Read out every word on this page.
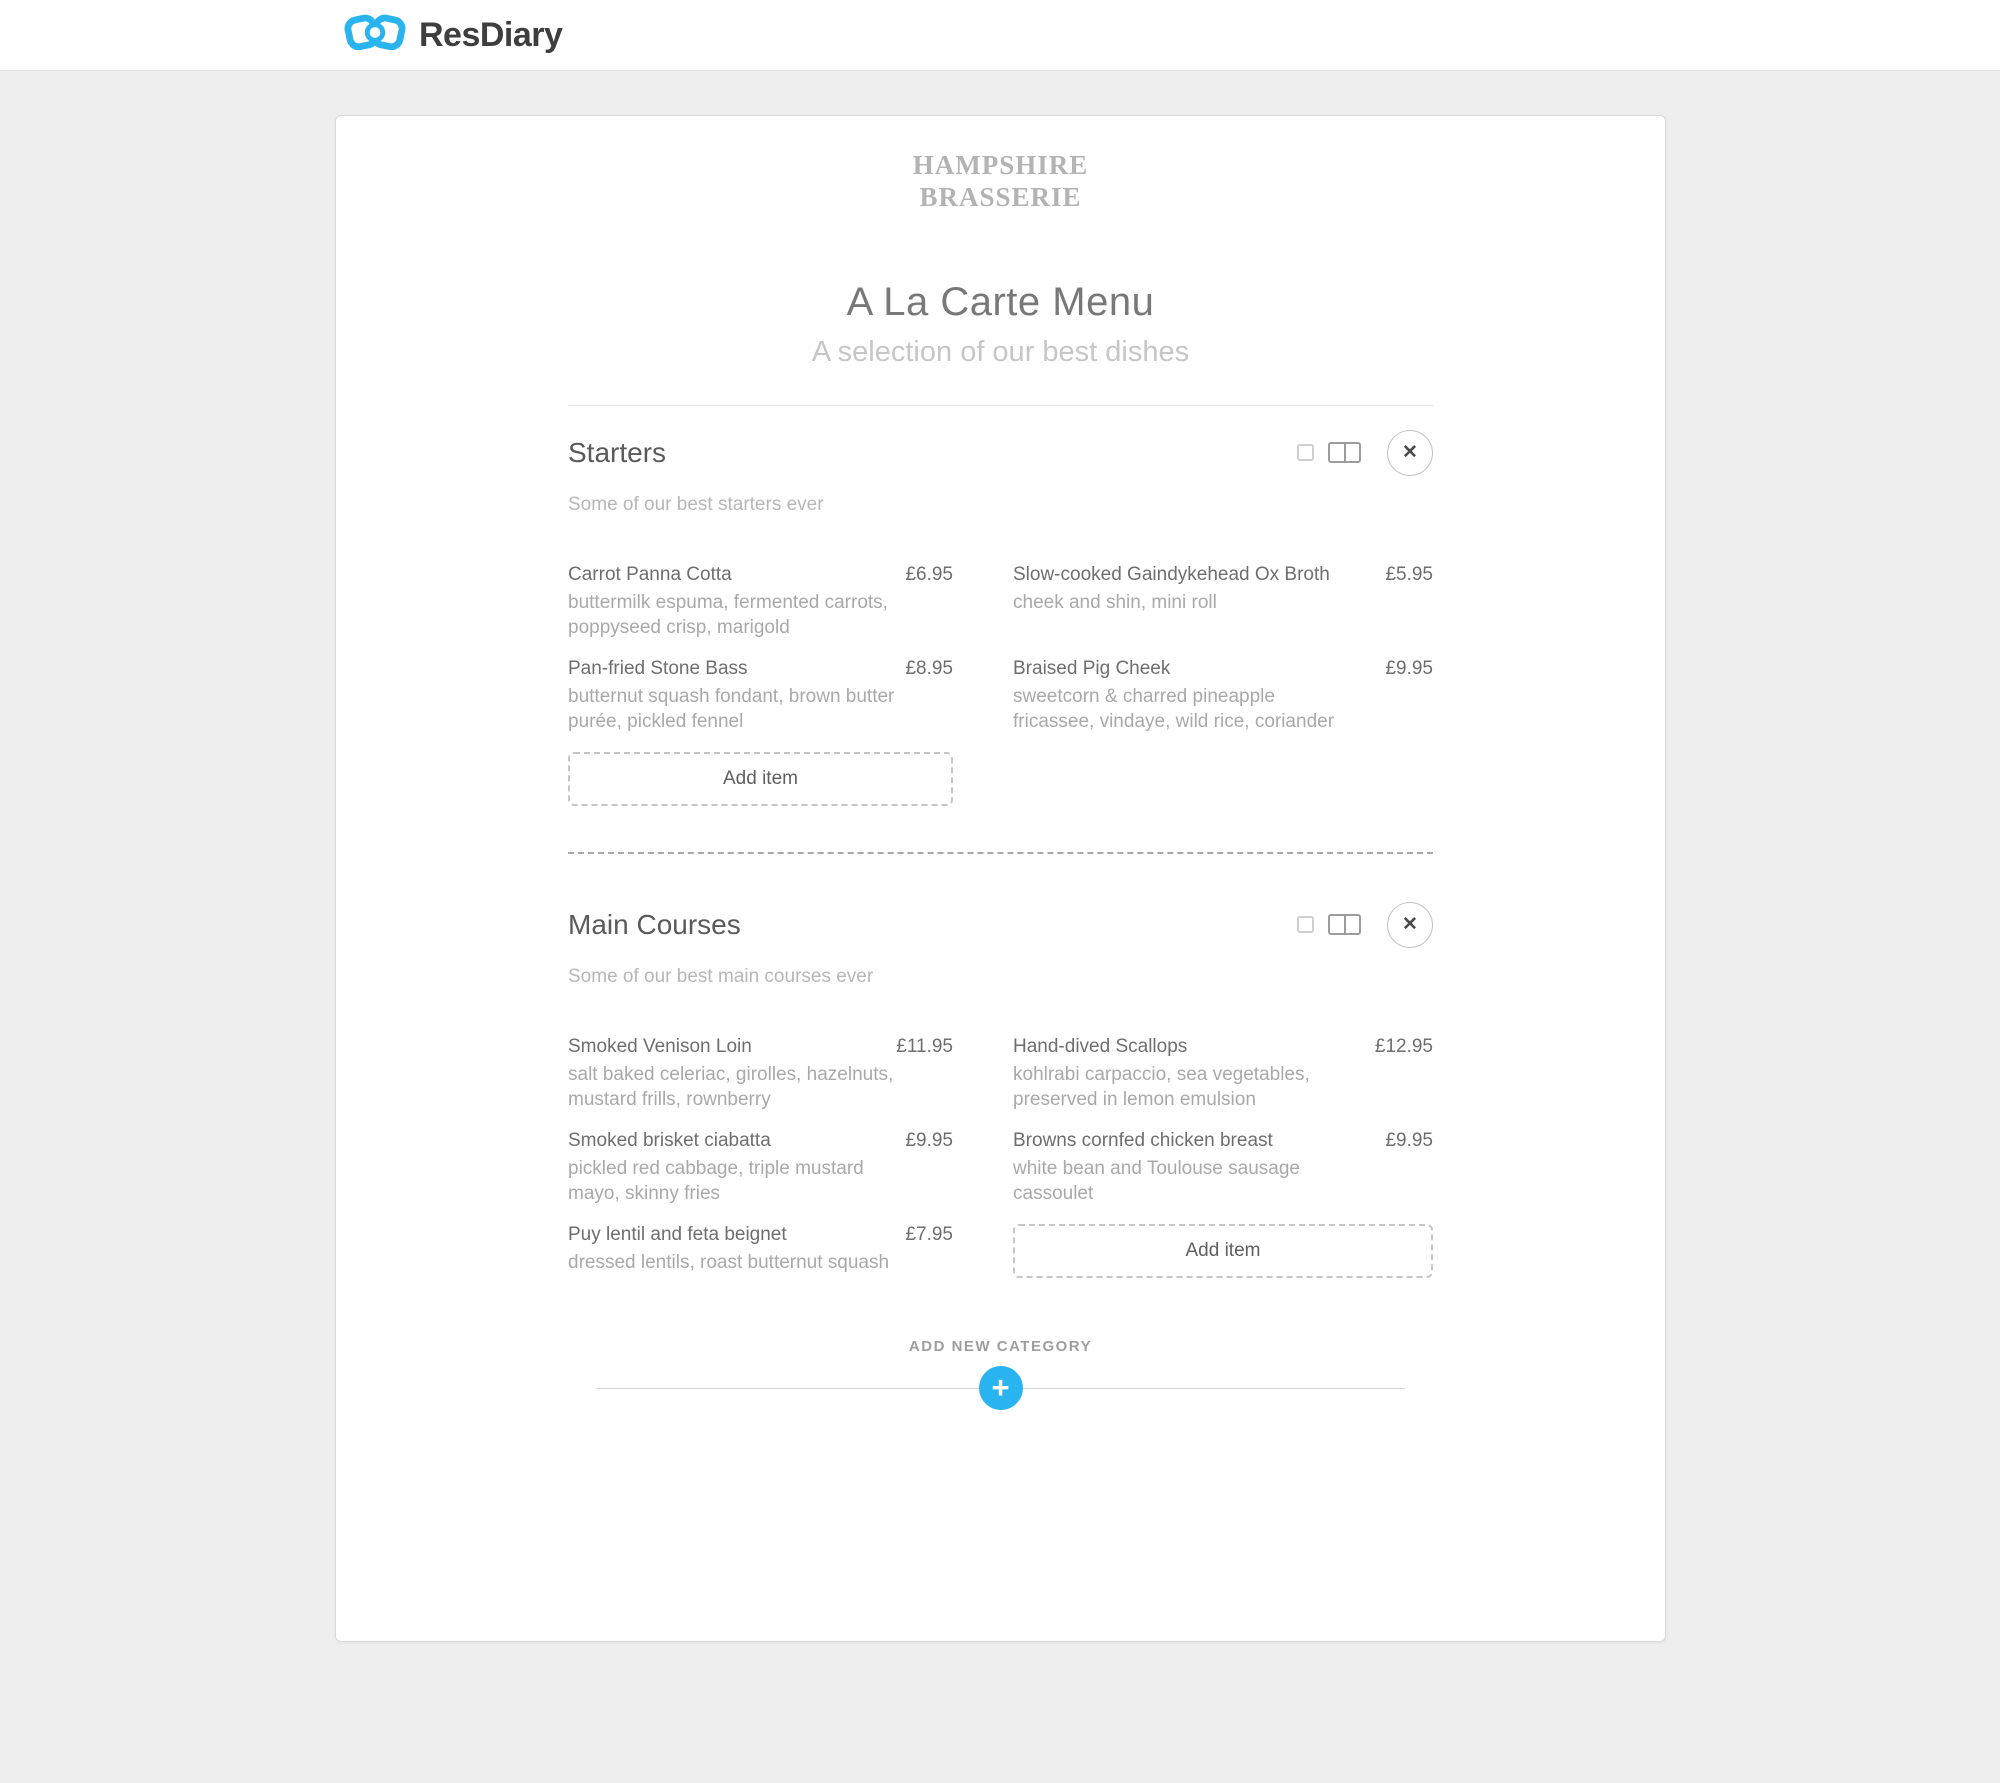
ResDiary
HAMPSHIRE
BRASSERIE
A La Carte Menu
A selection of our best dishes
Starters	✕
Some of our best starters ever
Carrot Panna Cotta	£6.95
buttermilk espuma, fermented carrots, poppyseed crisp, marigold
Slow-cooked Gaindykehead Ox Broth	£5.95
cheek and shin, mini roll
Pan-fried Stone Bass	£8.95
butternut squash fondant, brown butter purée, pickled fennel
Braised Pig Cheek	£9.95
sweetcorn & charred pineapple fricassee, vindaye, wild rice, coriander
Add item
Main Courses	✕
Some of our best main courses ever
Smoked Venison Loin	£11.95
salt baked celeriac, girolles, hazelnuts, mustard frills, rownberry
Hand-dived Scallops	£12.95
kohlrabi carpaccio, sea vegetables, preserved in lemon emulsion
Smoked brisket ciabatta	£9.95
pickled red cabbage, triple mustard mayo, skinny fries
Browns cornfed chicken breast	£9.95
white bean and Toulouse sausage cassoulet
Puy lentil and feta beignet	£7.95
dressed lentils, roast butternut squash
Add item
ADD NEW CATEGORY
+
